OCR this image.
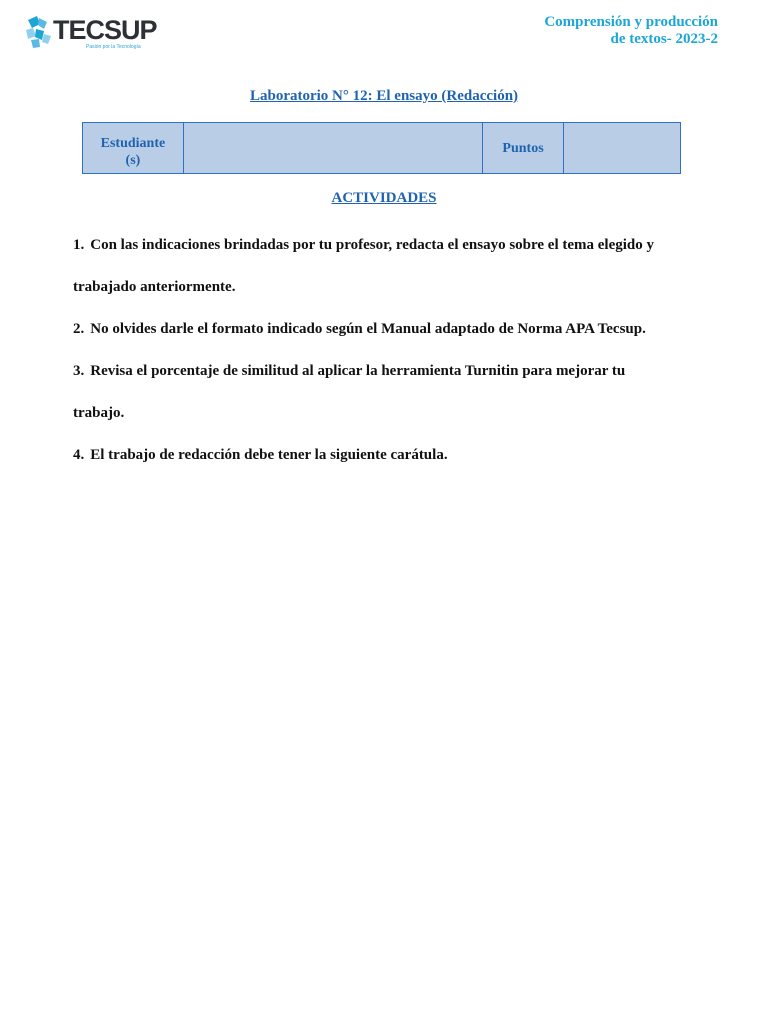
TECSUP
Pasión por la Tecnología
Comprensión y producción
de textos- 2023-2
Laboratorio N° 12: El ensayo (Redacción)
Estudiante
(s)
		Puntos	
ACTIVIDADES
1. Con las indicaciones brindadas por tu profesor, redacta el ensayo sobre el tema elegido y
trabajado anteriormente.
2. No olvides darle el formato indicado según el Manual adaptado de Norma APA Tecsup.
3. Revisa el porcentaje de similitud al aplicar la herramienta Turnitin para mejorar tu
trabajo.
4. El trabajo de redacción debe tener la siguiente carátula.
